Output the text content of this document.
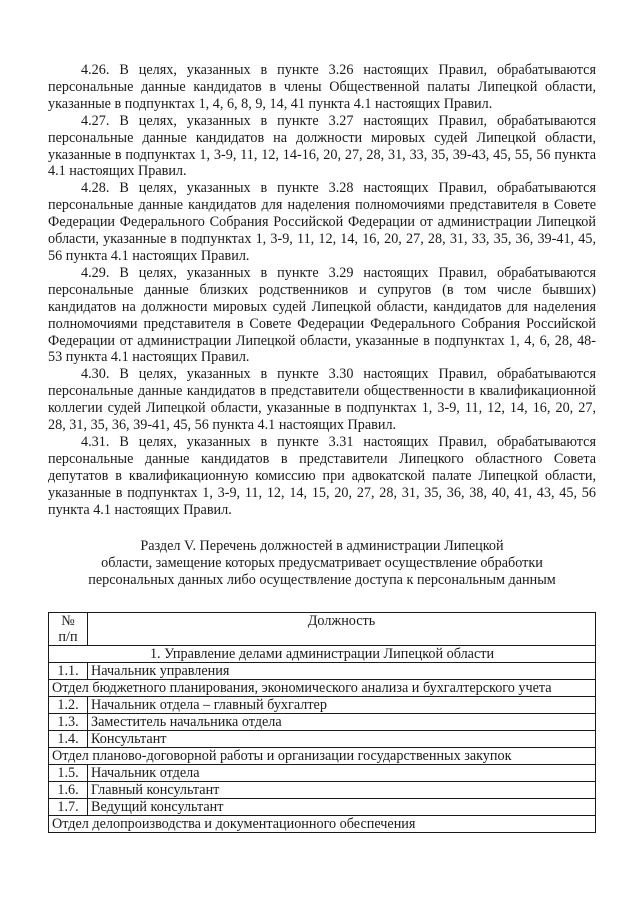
4.26. В целях, указанных в пункте 3.26 настоящих Правил, обрабатываются персональные данные кандидатов в члены Общественной палаты Липецкой области, указанные в подпунктах 1, 4, 6, 8, 9, 14, 41 пункта 4.1 настоящих Правил.

4.27. В целях, указанных в пункте 3.27 настоящих Правил, обрабатываются персональные данные кандидатов на должности мировых судей Липецкой области, указанные в подпунктах 1, 3-9, 11, 12, 14-16, 20, 27, 28, 31, 33, 35, 39-43, 45, 55, 56 пункта 4.1 настоящих Правил.

4.28. В целях, указанных в пункте 3.28 настоящих Правил, обрабатываются персональные данные кандидатов для наделения полномочиями представителя в Совете Федерации Федерального Собрания Российской Федерации от администрации Липецкой области, указанные в подпунктах 1, 3-9, 11, 12, 14, 16, 20, 27, 28, 31, 33, 35, 36, 39-41, 45, 56 пункта 4.1 настоящих Правил.

4.29. В целях, указанных в пункте 3.29 настоящих Правил, обрабатываются персональные данные близких родственников и супругов (в том числе бывших) кандидатов на должности мировых судей Липецкой области, кандидатов для наделения полномочиями представителя в Совете Федерации Федерального Собрания Российской Федерации от администрации Липецкой области, указанные в подпунктах 1, 4, 6, 28, 48-53 пункта 4.1 настоящих Правил.

4.30. В целях, указанных в пункте 3.30 настоящих Правил, обрабатываются персональные данные кандидатов в представители общественности в квалификационной коллегии судей Липецкой области, указанные в подпунктах 1, 3-9, 11, 12, 14, 16, 20, 27, 28, 31, 35, 36, 39-41, 45, 56 пункта 4.1 настоящих Правил.

4.31. В целях, указанных в пункте 3.31 настоящих Правил, обрабатываются персональные данные кандидатов в представители Липецкого областного Совета депутатов в квалификационную комиссию при адвокатской палате Липецкой области, указанные в подпунктах 1, 3-9, 11, 12, 14, 15, 20, 27, 28, 31, 35, 36, 38, 40, 41, 43, 45, 56 пункта 4.1 настоящих Правил.

Раздел V. Перечень должностей в администрации Липецкой
области, замещение которых предусматривает осуществление обработки
персональных данных либо осуществление доступа к персональным данным
№
п/п	Должность
1. Управление делами администрации Липецкой области	
1.1.	Начальник управления
Отдел бюджетного планирования, экономического анализа и бухгалтерского учета	
1.2.	Начальник отдела – главный бухгалтер
1.3.	Заместитель начальника отдела
1.4.	Консультант
Отдел планово-договорной работы и организации государственных закупок	
1.5.	Начальник отдела
1.6.	Главный консультант
1.7.	Ведущий консультант
Отдел делопроизводства и документационного обеспечения	
